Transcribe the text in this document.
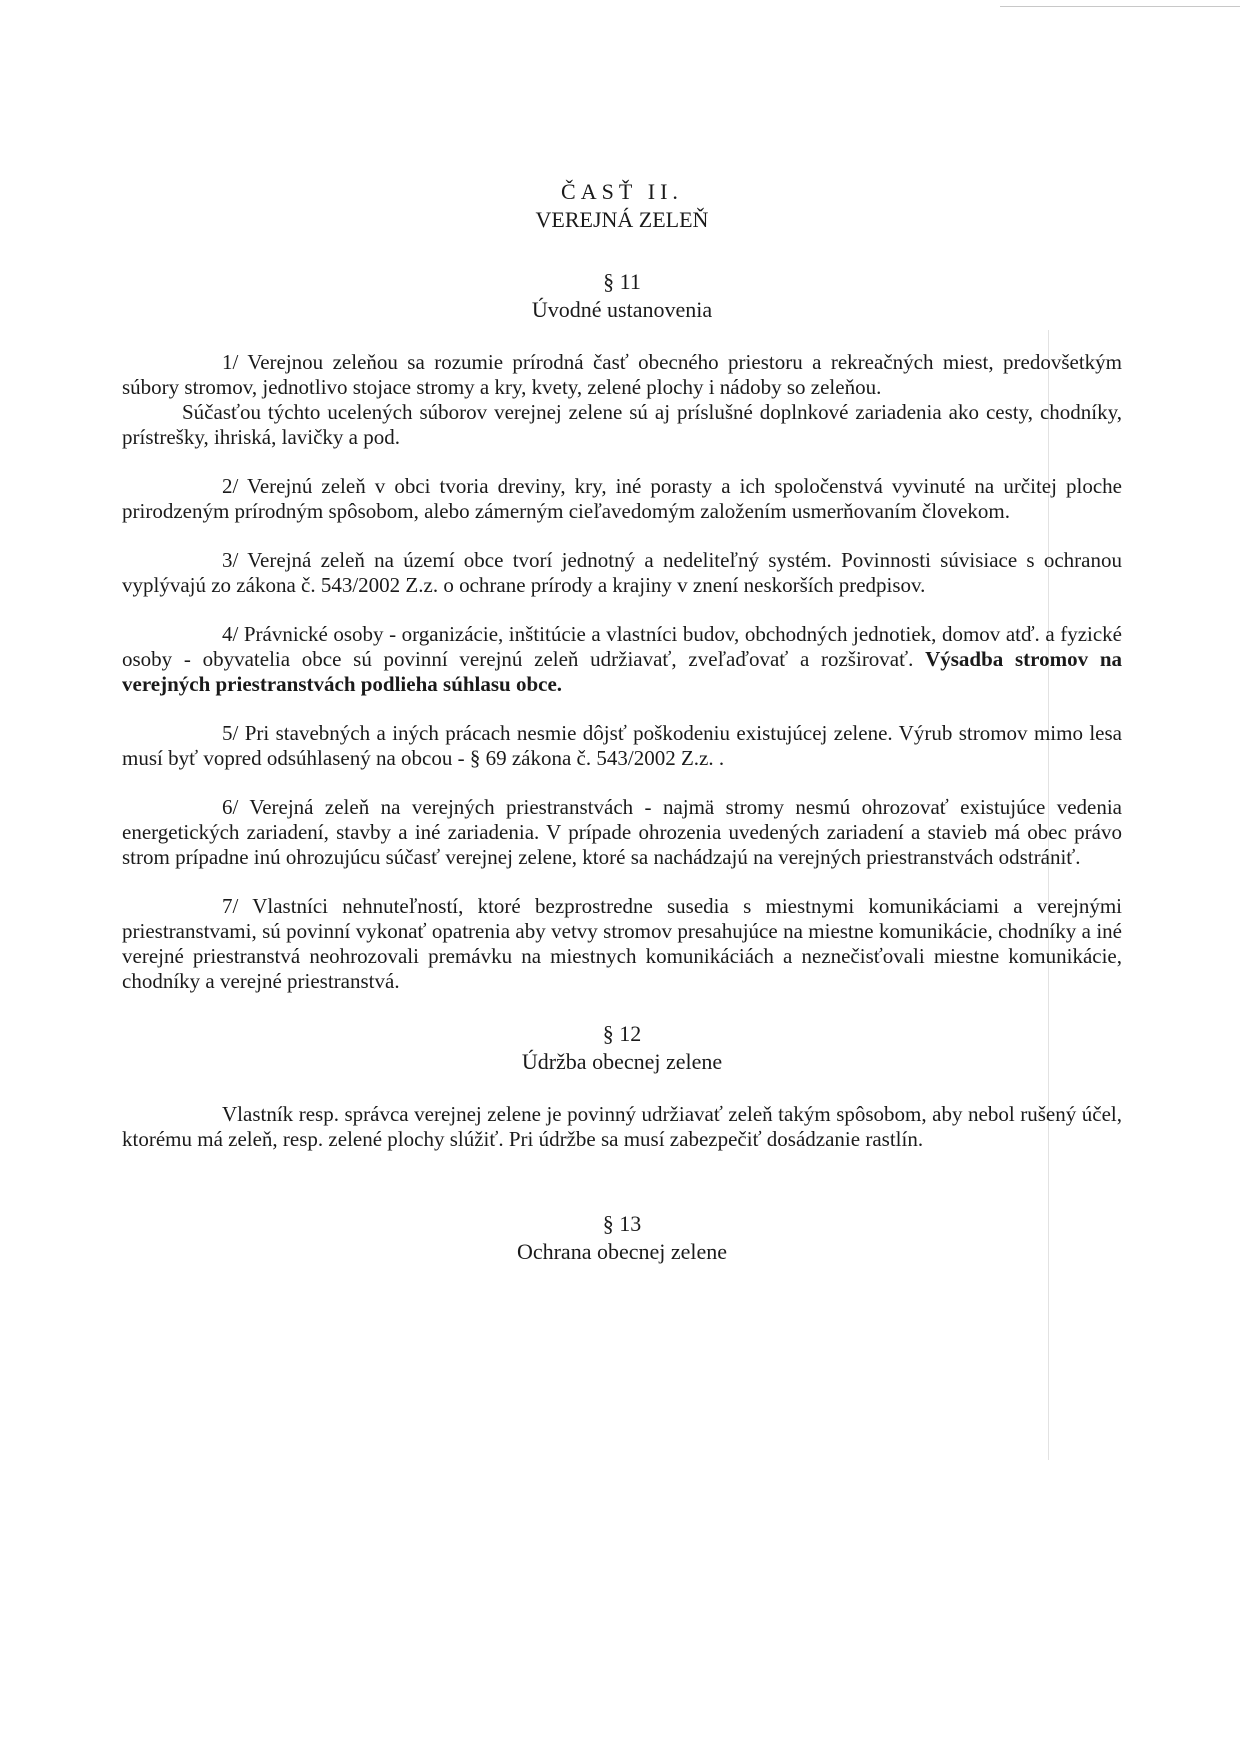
ČASŤ II.

VEREJNÁ ZELEŇ

§ 11
Úvodné ustanovenia

1/ Verejnou zeleňou sa rozumie prírodná časť obecného priestoru a rekreačných miest, predovšetkým súbory stromov, jednotlivo stojace stromy a kry, kvety, zelené plochy i nádoby so zeleňou.

Súčasťou týchto ucelených súborov verejnej zelene sú aj príslušné doplnkové zariadenia ako cesty, chodníky, prístrešky, ihriská, lavičky a pod.

2/ Verejnú zeleň v obci tvoria dreviny, kry, iné porasty a ich spoločenstvá vyvinuté na určitej ploche prirodzeným prírodným spôsobom, alebo zámerným cieľavedomým založením usmerňovaním človekom.

3/ Verejná zeleň na území obce tvorí jednotný a nedeliteľný systém. Povinnosti súvisiace s ochranou vyplývajú zo zákona č. 543/2002 Z.z. o ochrane prírody a krajiny v znení neskorších predpisov.

4/ Právnické osoby - organizácie, inštitúcie a vlastníci budov, obchodných jednotiek, domov atď. a fyzické osoby - obyvatelia obce sú povinní verejnú zeleň udržiavať, zveľaďovať a rozširovať. Výsadba stromov na verejných priestranstvách podlieha súhlasu obce.

5/ Pri stavebných a iných prácach nesmie dôjsť poškodeniu existujúcej zelene. Výrub stromov mimo lesa musí byť vopred odsúhlasený na obcou - § 69 zákona č. 543/2002 Z.z. .

6/ Verejná zeleň na verejných priestranstvách - najmä stromy nesmú ohrozovať existujúce vedenia energetických zariadení, stavby a iné zariadenia. V prípade ohrozenia uvedených zariadení a stavieb má obec právo strom prípadne inú ohrozujúcu súčasť verejnej zelene, ktoré sa nachádzajú na verejných priestranstvách odstrániť.

7/ Vlastníci nehnuteľností, ktoré bezprostredne susedia s miestnymi komunikáciami a verejnými priestranstvami, sú povinní vykonať opatrenia aby vetvy stromov presahujúce na miestne komunikácie, chodníky a iné verejné priestranstvá neohrozovali premávku na miestnych komunikáciách a neznečisťovali miestne komunikácie, chodníky a verejné priestranstvá.

§ 12
Údržba obecnej zelene

Vlastník resp. správca verejnej zelene je povinný udržiavať zeleň takým spôsobom, aby nebol rušený účel, ktorému má zeleň, resp. zelené plochy slúžiť. Pri údržbe sa musí zabezpečiť dosádzanie rastlín.

§ 13
Ochrana obecnej zelene
